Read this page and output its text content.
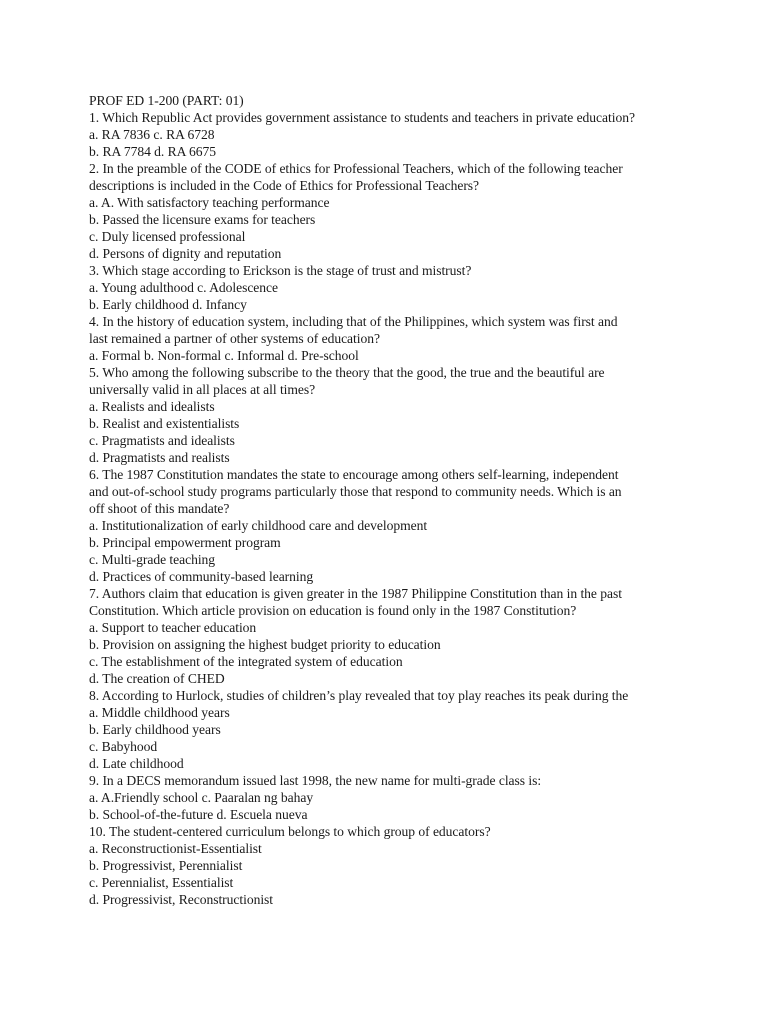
PROF ED 1-200 (PART: 01)
1. Which Republic Act provides government assistance to students and teachers in private education?
a. RA 7836 c. RA 6728
b. RA 7784 d. RA 6675
2. In the preamble of the CODE of ethics for Professional Teachers, which of the following teacher
descriptions is included in the Code of Ethics for Professional Teachers?
a. A. With satisfactory teaching performance
b. Passed the licensure exams for teachers
c. Duly licensed professional
d. Persons of dignity and reputation
3. Which stage according to Erickson is the stage of trust and mistrust?
a. Young adulthood c. Adolescence
b. Early childhood d. Infancy
4. In the history of education system, including that of the Philippines, which system was first and
last remained a partner of other systems of education?
a. Formal b. Non-formal c. Informal d. Pre-school
5. Who among the following subscribe to the theory that the good, the true and the beautiful are
universally valid in all places at all times?
a. Realists and idealists
b. Realist and existentialists
c. Pragmatists and idealists
d. Pragmatists and realists
6. The 1987 Constitution mandates the state to encourage among others self-learning, independent
and out-of-school study programs particularly those that respond to community needs. Which is an
off shoot of this mandate?
a. Institutionalization of early childhood care and development
b. Principal empowerment program
c. Multi-grade teaching
d. Practices of community-based learning
7. Authors claim that education is given greater in the 1987 Philippine Constitution than in the past
Constitution. Which article provision on education is found only in the 1987 Constitution?
a. Support to teacher education
b. Provision on assigning the highest budget priority to education
c. The establishment of the integrated system of education
d. The creation of CHED
8. According to Hurlock, studies of children’s play revealed that toy play reaches its peak during the
a. Middle childhood years
b. Early childhood years
c. Babyhood
d. Late childhood
9. In a DECS memorandum issued last 1998, the new name for multi-grade class is:
a. A.Friendly school c. Paaralan ng bahay
b. School-of-the-future d. Escuela nueva
10. The student-centered curriculum belongs to which group of educators?
a. Reconstructionist-Essentialist
b. Progressivist, Perennialist
c. Perennialist, Essentialist
d. Progressivist, Reconstructionist
